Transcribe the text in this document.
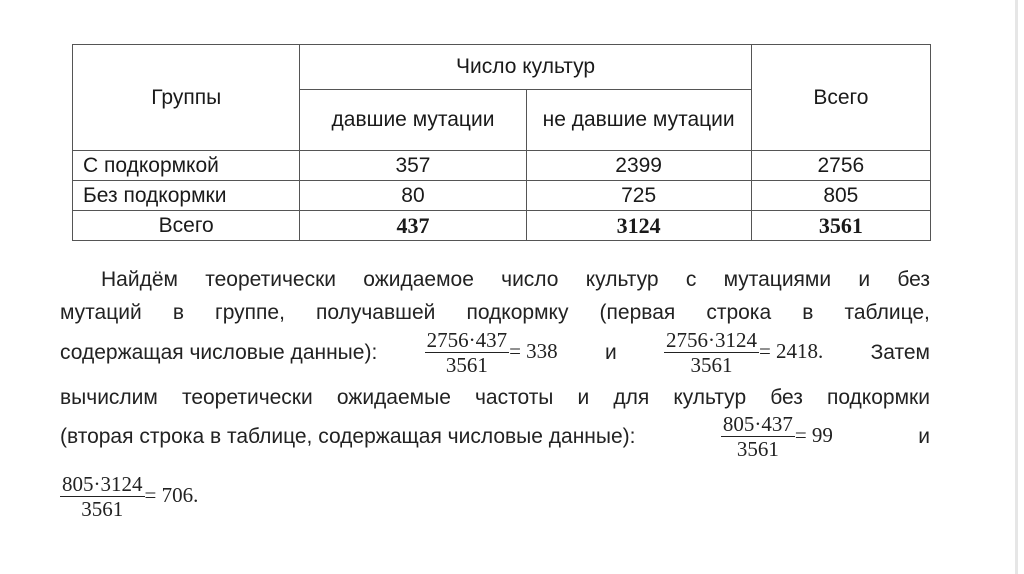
Группы	Число культур		Всего
	давшие мутации	не давшие мутации	
С подкормкой	357	2399	2756
Без подкормки	80	725	805
Всего	437	3124	3561
Найдём теоретически ожидаемое число культур с мутациями и без
мутаций в группе, получавшей подкормку (первая строка в таблице,
содержащая числовые данные): $\frac{2756\cdot 437}{3561} = 338$ и $\frac{2756\cdot 3124}{3561} = 2418$. Затем
вычислим теоретически ожидаемые частоты и для культур без подкормки
(вторая строка в таблице, содержащая числовые данные):	$\frac{805\cdot 437}{3561} = 99$	и
$\frac{805\cdot 3124}{3561} = 706$.
